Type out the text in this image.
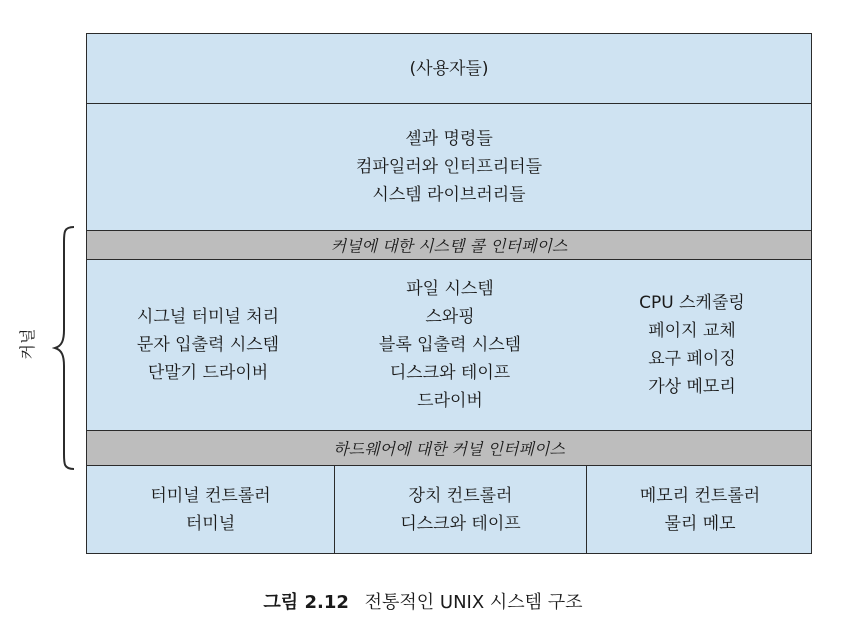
(사용자들)
셸과 명령들
컴파일러와 인터프리터들
시스템 라이브러리들
커널에 대한 시스템 콜 인터페이스
시그널 터미널 처리
문자 입출력 시스템
단말기 드라이버
파일 시스템
스와핑
블록 입출력 시스템
디스크와 테이프
드라이버
CPU 스케줄링
페이지 교체
요구 페이징
가상 메모리
하드웨어에 대한 커널 인터페이스
터미널 컨트롤러
터미널
장치 컨트롤러
디스크와 테이프
메모리 컨트롤러
물리 메모
커널
그림 2.12 전통적인 UNIX 시스템 구조
